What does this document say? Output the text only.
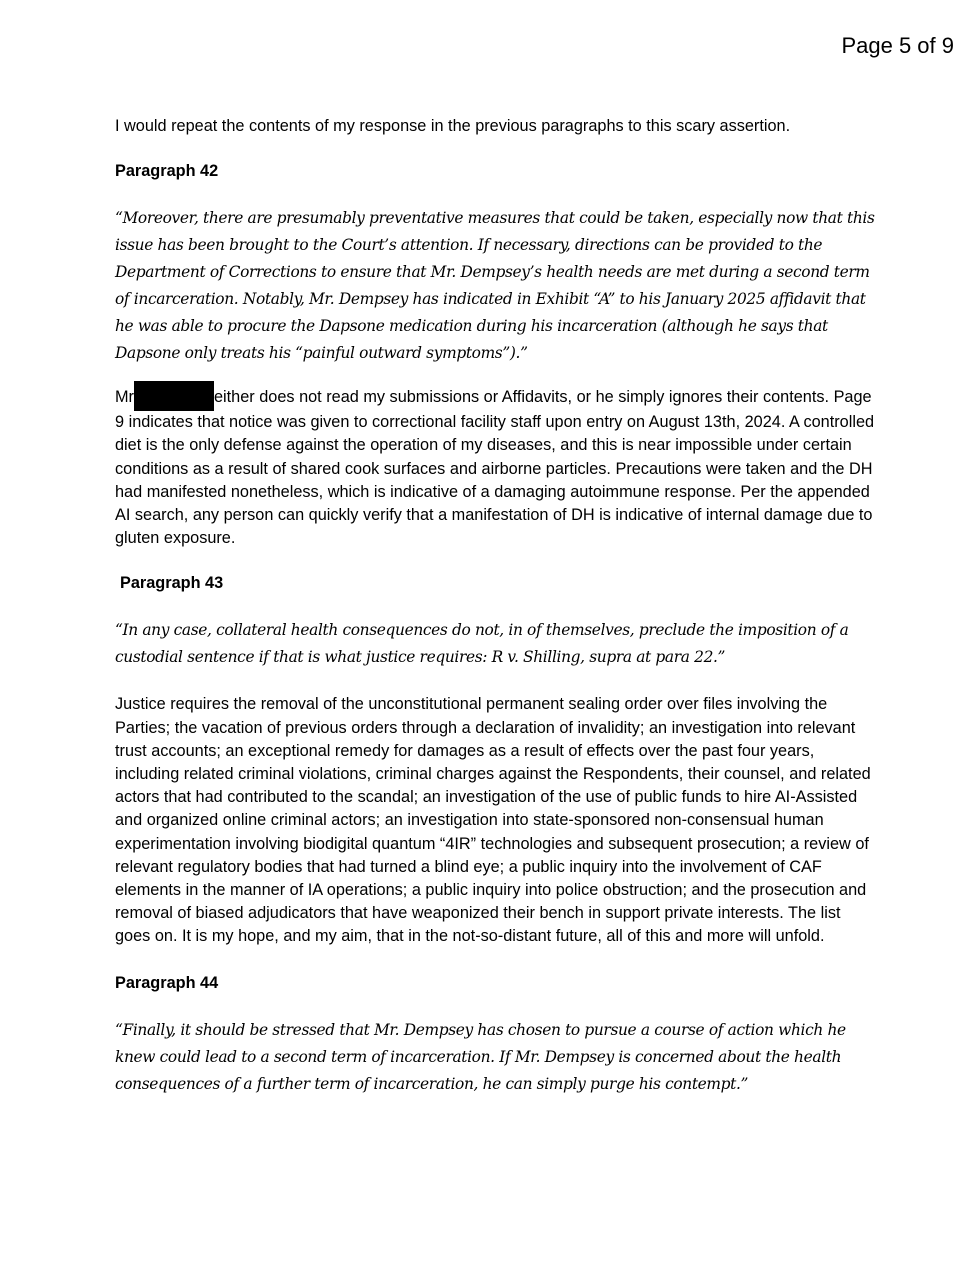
Page 5 of 9

I would repeat the contents of my response in the previous paragraphs to this scary assertion.

Paragraph 42

“Moreover, there are presumably preventative measures that could be taken, especially now that this issue has been brought to the Court’s attention. If necessary, directions can be provided to the Department of Corrections to ensure that Mr. Dempsey’s health needs are met during a second term of incarceration. Notably, Mr. Dempsey has indicated in Exhibit “A” to his January 2025 affidavit that he was able to procure the Dapsone medication during his incarceration (although he says that Dapsone only treats his “painful outward symptoms”).”

Mr	either does not read my submissions or Affidavits, or he simply ignores their contents. Page 9 indicates that notice was given to correctional facility staff upon entry on August 13th, 2024. A controlled diet is the only defense against the operation of my diseases, and this is near impossible under certain conditions as a result of shared cook surfaces and airborne particles. Precautions were taken and the DH had manifested nonetheless, which is indicative of a damaging autoimmune response. Per the appended AI search, any person can quickly verify that a manifestation of DH is indicative of internal damage due to gluten exposure.

Paragraph 43

“In any case, collateral health consequences do not, in of themselves, preclude the imposition of a custodial sentence if that is what justice requires: R v. Shilling, supra at para 22.”

Justice requires the removal of the unconstitutional permanent sealing order over files involving the Parties; the vacation of previous orders through a declaration of invalidity; an investigation into relevant trust accounts; an exceptional remedy for damages as a result of effects over the past four years, including related criminal violations, criminal charges against the Respondents, their counsel, and related actors that had contributed to the scandal; an investigation of the use of public funds to hire AI-Assisted and organized online criminal actors; an investigation into state-sponsored non-consensual human experimentation involving biodigital quantum “4IR” technologies and subsequent prosecution; a review of relevant regulatory bodies that had turned a blind eye; a public inquiry into the involvement of CAF elements in the manner of IA operations; a public inquiry into police obstruction; and the prosecution and removal of biased adjudicators that have weaponized their bench in support private interests. The list goes on. It is my hope, and my aim, that in the not-so-distant future, all of this and more will unfold.

Paragraph 44

“Finally, it should be stressed that Mr. Dempsey has chosen to pursue a course of action which he knew could lead to a second term of incarceration. If Mr. Dempsey is concerned about the health consequences of a further term of incarceration, he can simply purge his contempt.”
